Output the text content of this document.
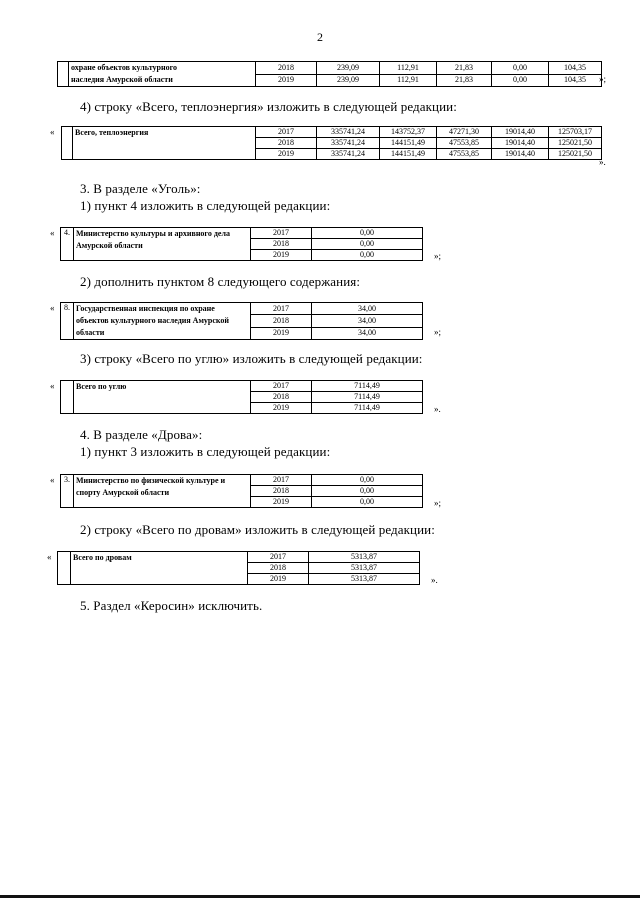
2
	охране объектов культурного
наследия Амурской области	2018	239,09	112,91	21,83	0,00	104,35
		2019	239,09	112,91	21,83	0,00	104,35 »;
4) строку «Всего, теплоэнергия» изложить в следующей редакции:
«
		Всего, теплоэнергия	2017	335741,24	143752,37	47271,30	19014,40	125703,17
		2018	335741,24	144151,49	47553,85	19014,40	125021,50
		2019	335741,24	144151,49	47553,85	19014,40	125021,50
».
3. В разделе «Уголь»:
1) пункт 4 изложить в следующей редакции:
« 4.	Министерство культуры и архивного дела Амурской области	2017	0,00
		2018	0,00
		2019	0,00	»;
2) дополнить пунктом 8 следующего содержания:
« 8.	Государственная инспекция по охране объектов культурного наследия Амурской области	2017	34,00
		2018	34,00
		2019	34,00	»;
3) строку «Всего по углю» изложить в следующей редакции:
«
		Всего по углю	2017	7114,49
		2018	7114,49
		2019	7114,49	».
4. В разделе «Дрова»:
1) пункт 3 изложить в следующей редакции:
« 3.	Министерство по физической культуре и спорту Амурской области	2017	0,00
		2018	0,00
		2019	0,00	»;
2) строку «Всего по дровам» изложить в следующей редакции:
«
		Всего по дровам	2017	5313,87
		2018	5313,87
		2019	5313,87	».
5. Раздел «Керосин» исключить.
